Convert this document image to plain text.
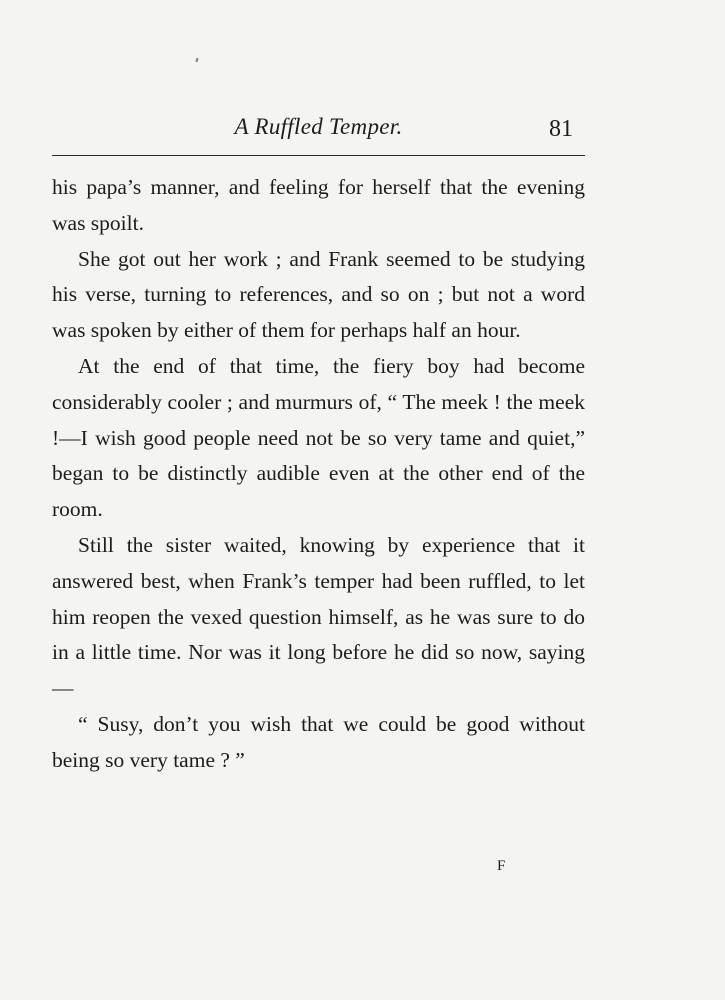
A Ruffled Temper.	81

his papa’s manner, and feeling for herself that the evening was spoilt.

She got out her work ; and Frank seemed to be studying his verse, turning to references, and so on ; but not a word was spoken by either of them for perhaps half an hour.

At the end of that time, the fiery boy had become considerably cooler ; and murmurs of, “ The meek ! the meek !—I wish good people need not be so very tame and quiet,” began to be distinctly audible even at the other end of the room.

Still the sister waited, knowing by experience that it answered best, when Frank’s temper had been ruffled, to let him reopen the vexed question himself, as he was sure to do in a little time. Nor was it long before he did so now, saying—

“ Susy, don’t you wish that we could be good without being so very tame ? ”

F
